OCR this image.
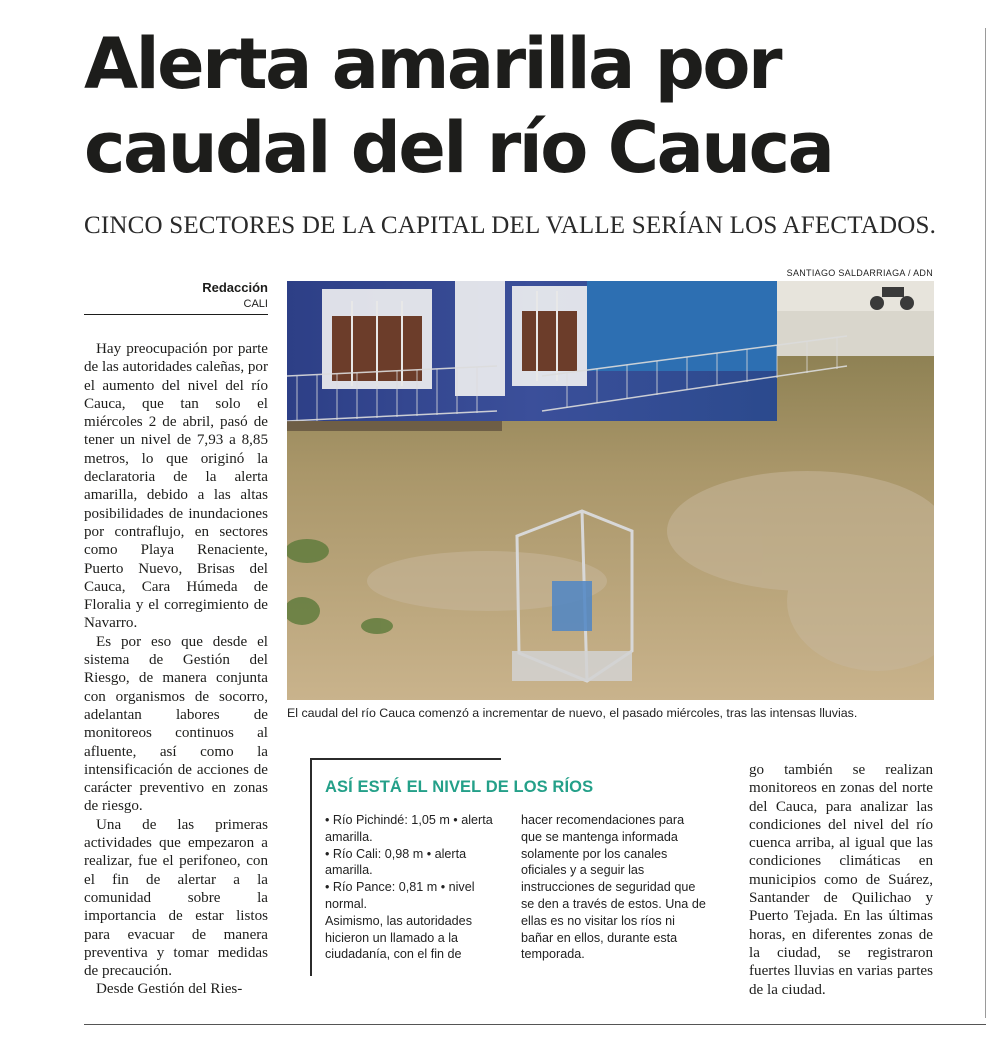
Alerta amarilla por caudal del río Cauca

CINCO SECTORES DE LA CAPITAL DEL VALLE SERÍAN LOS AFECTADOS.

Redacción
CALI

Hay preocupación por parte de las autoridades caleñas, por el aumento del nivel del río Cauca, que tan solo el miércoles 2 de abril, pasó de tener un nivel de 7,93 a 8,85 metros, lo que originó la declaratoria de la alerta amarilla, debido a las altas posibilidades de inundaciones por contraflujo, en sectores como Playa Renaciente, Puerto Nuevo, Brisas del Cauca, Cara Húmeda de Floralia y el corregimiento de Navarro.

Es por eso que desde el sistema de Gestión del Riesgo, de manera conjunta con organismos de socorro, adelantan labores de monitoreos continuos al afluente, así como la intensificación de acciones de carácter preventivo en zonas de riesgo.

Una de las primeras actividades que empezaron a realizar, fue el perifoneo, con el fin de alertar a la comunidad sobre la importancia de estar listos para evacuar de manera preventiva y tomar medidas de precaución.

Desde Gestión del Ries-

SANTIAGO SALDARRIAGA / ADN
El caudal del río Cauca comenzó a incrementar de nuevo, el pasado miércoles, tras las intensas lluvias.
ASÍ ESTÁ EL NIVEL DE LOS RÍOS
• Río Pichindé: 1,05 m • alerta amarilla.
• Río Cali: 0,98 m • alerta amarilla.
• Río Pance: 0,81 m • nivel normal.
Asimismo, las autoridades hicieron un llamado a la ciudadanía, con el fin de
hacer recomendaciones para que se mantenga informada solamente por los canales oficiales y a seguir las instrucciones de seguridad que se den a través de estos. Una de ellas es no visitar los ríos ni bañar en ellos, durante esta temporada.

go también se realizan monitoreos en zonas del norte del Cauca, para analizar las condiciones del nivel del río cuenca arriba, al igual que las condiciones climáticas en municipios como de Suárez, Santander de Quilichao y Puerto Tejada. En las últimas horas, en diferentes zonas de la ciudad, se registraron fuertes lluvias en varias partes de la ciudad.
